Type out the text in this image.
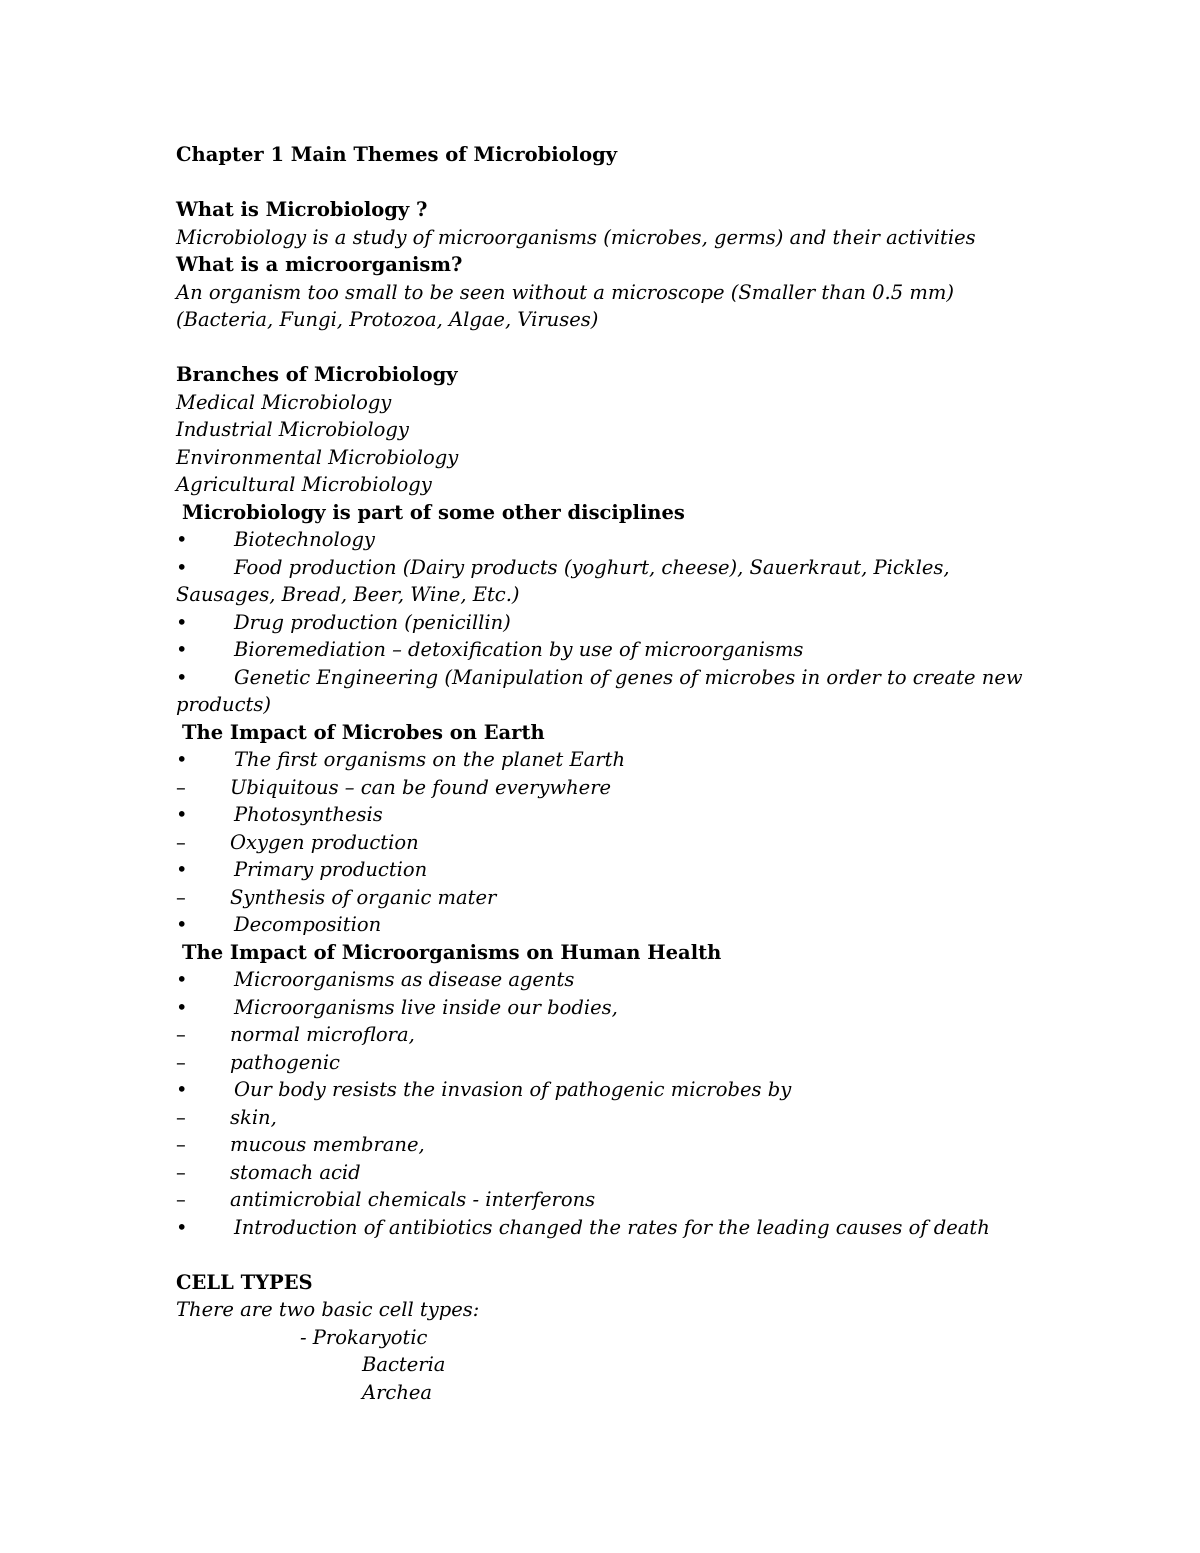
Chapter 1 Main Themes of Microbiology
What is Microbiology ?
Microbiology is a study of microorganisms (microbes, germs) and their activities
What is a microorganism?
An organism too small to be seen without a microscope (Smaller than 0.5 mm)
(Bacteria, Fungi, Protozoa, Algae, Viruses)
Branches of Microbiology
Medical Microbiology
Industrial Microbiology
Environmental Microbiology
Agricultural Microbiology
Microbiology is part of some other disciplines
• Biotechnology
• Food production (Dairy products (yoghurt, cheese), Sauerkraut, Pickles,
Sausages, Bread, Beer, Wine, Etc.)
• Drug production (penicillin)
• Bioremediation – detoxification by use of microorganisms
• Genetic Engineering (Manipulation of genes of microbes in order to create new
products)
The Impact of Microbes on Earth
• The first organisms on the planet Earth
– Ubiquitous – can be found everywhere
• Photosynthesis
– Oxygen production
• Primary production
– Synthesis of organic mater
• Decomposition
The Impact of Microorganisms on Human Health
• Microorganisms as disease agents
• Microorganisms live inside our bodies,
– normal microflora,
– pathogenic
• Our body resists the invasion of pathogenic microbes by
– skin,
– mucous membrane,
– stomach acid
– antimicrobial chemicals - interferons
• Introduction of antibiotics changed the rates for the leading causes of death
CELL TYPES
There are two basic cell types:
- Prokaryotic
Bacteria
Archea
